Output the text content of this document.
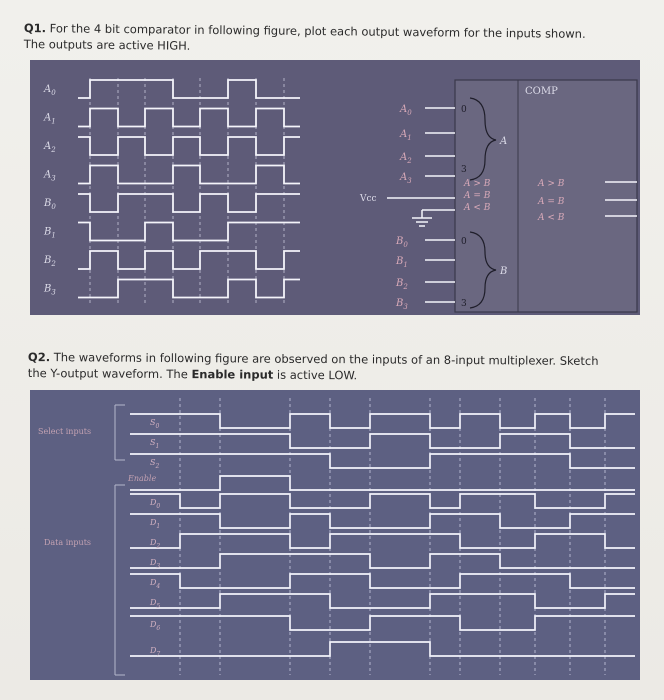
Q1. For the 4 bit comparator in following figure, plot each output waveform for the inputs shown.
The outputs are active HIGH.
$A_0$
$A_1$
$A_2$
$A_3$
$B_0$
$B_1$
$B_2$
$B_3$
COMP
$A_0$
$A_1$
$A_2$
$A_3$
$B_0$
$B_1$
$B_2$
$B_3$
0
3
0
3
A
B
A > B
A = B
A < B
Vcc
A > B
A = B
A < B
Q2. The waveforms in following figure are observed on the inputs of an 8-input multiplexer. Sketch
the Y-output waveform. The Enable input is active LOW.
Select inputs
Data inputs
$S_0$
$S_1$
$S_2$
Enable
$D_0$
$D_1$
$D_2$
$D_3$
$D_4$
$D_5$
$D_6$
$D_7$
